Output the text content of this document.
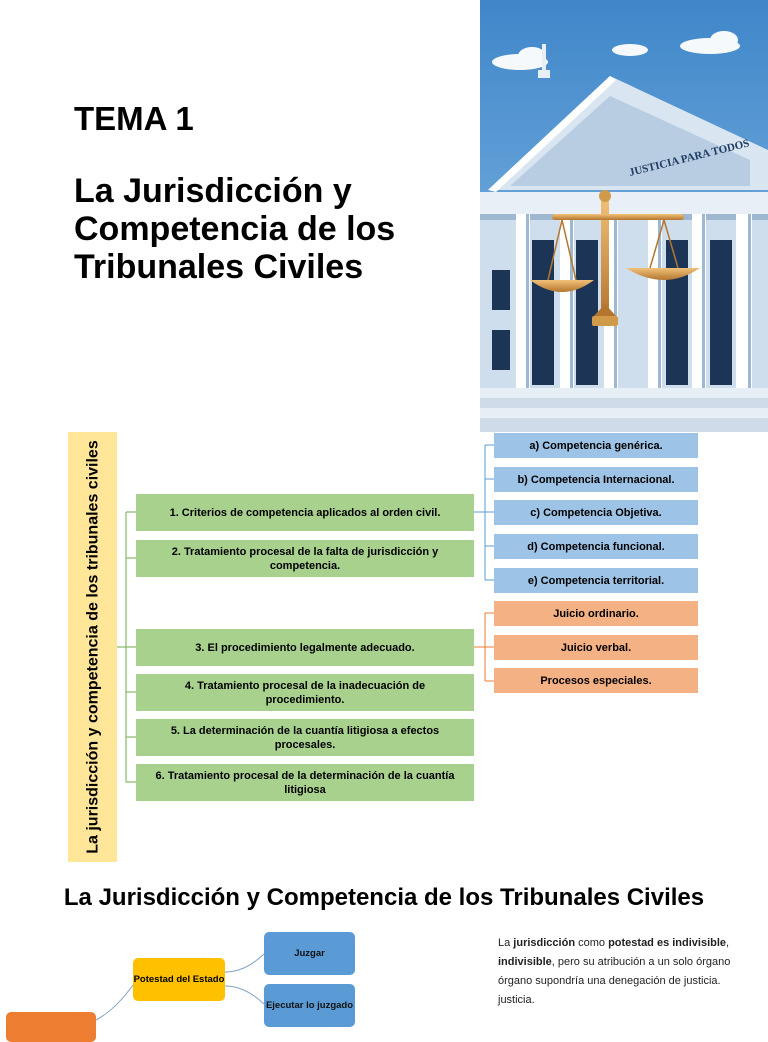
TEMA 1
La Jurisdicción y Competencia de los Tribunales Civiles
JUSTICIA PARA TODOS
La jurisdicción y competencia de los tribunales civiles	1. Criterios de competencia aplicados al orden civil.
2. Tratamiento procesal de la falta de jurisdicción y competencia.
3. El procedimiento legalmente adecuado.
4. Tratamiento procesal de la inadecuación de procedimiento.
5. La determinación de la cuantía litigiosa a efectos procesales.
6. Tratamiento procesal de la determinación de la cuantía litigiosa
a) Competencia genérica.
b) Competencia Internacional.
c) Competencia Objetiva.
d) Competencia funcional.
e) Competencia territorial.
Juicio ordinario.
Juicio verbal.
Procesos especiales.
La Jurisdicción y Competencia de los Tribunales Civiles
Potestad del Estado
Juzgar
Ejecutar lo juzgado
La jurisdicción como potestad es indivisible, indivisible, pero su atribución a un solo órgano órgano supondría una denegación de justicia. justicia.
